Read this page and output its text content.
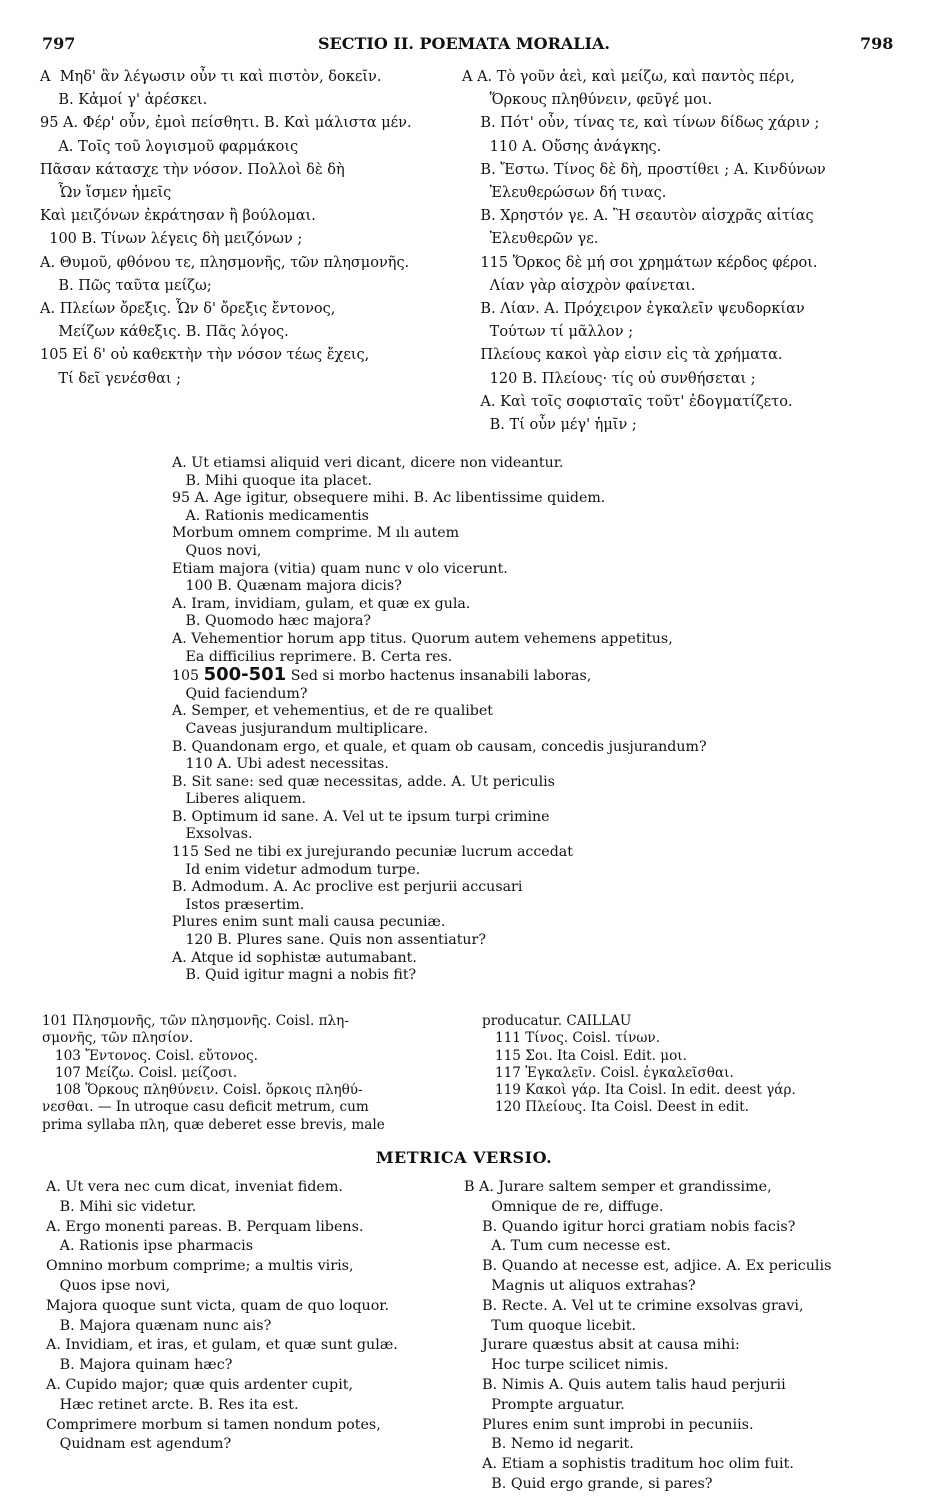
797	SECTIO II. POEMATA MORALIA.	798
A  Μηδ' ἂν λέγωσιν οὖν τι καὶ πιστὸν, δοκεῖν.
B. Κἀμοί γ' ἀρέσκει.
95 A. Φέρ' οὖν, ἐμοὶ πείσθητι. B. Καὶ μάλιστα μέν.
A. Τοῖς τοῦ λογισμοῦ φαρμάκοις
Πᾶσαν κάτασχε τὴν νόσον. Πολλοὶ δὲ δὴ
Ὧν ἴσμεν ἡμεῖς
Καὶ μειζόνων ἐκράτησαν ἢ βούλομαι.
100 B. Τίνων λέγεις δὴ μειζόνων ;
A. Θυμοῦ, φθόνου τε, πλησμονῆς, τῶν πλησμονῆς.
B. Πῶς ταῦτα μείζω;
A. Πλείων ὄρεξις. Ὧν δ' ὄρεξις ἔντονος,
Μείζων κάθεξις. B. Πᾶς λόγος.
105 Εἰ δ' οὐ καθεκτὴν τὴν νόσον τέως ἔχεις,
Τί δεῖ γενέσθαι ;
A A. Τὸ γοῦν ἀεὶ, καὶ μείζω, καὶ παντὸς πέρι,
Ὅρκους πληθύνειν, φεῦγέ μοι.
B. Πότ' οὖν, τίνας τε, καὶ τίνων δίδως χάριν ;
110 A. Οὔσης ἀνάγκης.
B. Ἔστω. Τίνος δὲ δὴ, προστίθει ; A. Κινδύνων
Ἐλευθερώσων δή τινας.
B. Χρηστόν γε. A. Ἢ σεαυτὸν αἰσχρᾶς αἰτίας
Ἐλευθερῶν γε.
115 Ὅρκος δὲ μή σοι χρημάτων κέρδος φέροι.
Λίαν γὰρ αἰσχρὸν φαίνεται.
B. Λίαν. A. Πρόχειρον ἐγκαλεῖν ψευδορκίαν
Τούτων τί μᾶλλον ;
Πλείους κακοὶ γὰρ εἰσιν εἰς τὰ χρήματα.
120 B. Πλείους· τίς οὐ συνθήσεται ;
A. Καὶ τοῖς σοφισταῖς τοῦτ' ἐδογματίζετο.
B. Τί οὖν μέγ' ἡμῖν ;
A. Ut etiamsi aliquid veri dicant, dicere non videantur.
B. Mihi quoque ita placet.
95 A. Age igitur, obsequere mihi. B. Ac libentissime quidem.
A. Rationis medicamentis
Morbum omnem comprime. M ılı autem
Quos novi,
Etiam majora (vitia) quam nunc v olo vicerunt.
100 B. Quænam majora dicis?
A. Iram, invidiam, gulam, et quæ ex gula.
B. Quomodo hæc majora?
A. Vehementior horum app titus. Quorum autem vehemens appetitus,
Ea difficilius reprimere. B. Certa res.
105 500-501 Sed si morbo hactenus insanabili laboras,
Quid faciendum?
A. Semper, et vehementius, et de re qualibet
Caveas jusjurandum multiplicare.
B. Quandonam ergo, et quale, et quam ob causam, concedis jusjurandum?
110 A. Ubi adest necessitas.
B. Sit sane: sed quæ necessitas, adde. A. Ut periculis
Liberes aliquem.
B. Optimum id sane. A. Vel ut te ipsum turpi crimine
Exsolvas.
115 Sed ne tibi ex jurejurando pecuniæ lucrum accedat
Id enim videtur admodum turpe.
B. Admodum. A. Ac proclive est perjurii accusari
Istos præsertim.
Plures enim sunt mali causa pecuniæ.
120 B. Plures sane. Quis non assentiatur?
A. Atque id sophistæ autumabant.
B. Quid igitur magni a nobis fit?
101 Πλησμονῆς, τῶν πλησμονῆς. Coisl. πλη-
σμονῆς, τῶν πλησίον.
103 Ἔντονος. Coisl. εὔτονος.
107 Μείζω. Coisl. μείζοσι.
108 Ὅρκους πληθύνειν. Coisl. ὅρκοις πληθύ-
νεσθαι. — In utroque casu deficit metrum, cum
prima syllaba πλη, quæ deberet esse brevis, male
producatur. CAILLAU
111 Τίνος. Coisl. τίνων.
115 Σοι. Ita Coisl. Edit. μοι.
117 Ἐγκαλεῖν. Coisl. ἐγκαλεῖσθαι.
119 Κακοὶ γάρ. Ita Coisl. In edit. deest γάρ.
120 Πλείους. Ita Coisl. Deest in edit.
METRICA VERSIO.
A. Ut vera nec cum dicat, inveniat fidem.
B. Mihi sic videtur.
A. Ergo monenti pareas. B. Perquam libens.
A. Rationis ipse pharmacis
Omnino morbum comprime; a multis viris,
Quos ipse novi,
Majora quoque sunt victa, quam de quo loquor.
B. Majora quænam nunc ais?
A. Invidiam, et iras, et gulam, et quæ sunt gulæ.
B. Majora quinam hæc?
A. Cupido major; quæ quis ardenter cupit,
Hæc retinet arcte. B. Res ita est.
Comprimere morbum si tamen nondum potes,
Quidnam est agendum?
B A. Jurare saltem semper et grandissime,
Omnique de re, diffuge.
B. Quando igitur horci gratiam nobis facis?
A. Tum cum necesse est.
B. Quando at necesse est, adjice. A. Ex periculis
Magnis ut aliquos extrahas?
B. Recte. A. Vel ut te crimine exsolvas gravi,
Tum quoque licebit.
Jurare quæstus absit at causa mihi:
Hoc turpe scilicet nimis.
B. Nimis A. Quis autem talis haud perjurii
Prompte arguatur.
Plures enim sunt improbi in pecuniis.
B. Nemo id negarit.
A. Etiam a sophistis traditum hoc olim fuit.
B. Quid ergo grande, si pares?
